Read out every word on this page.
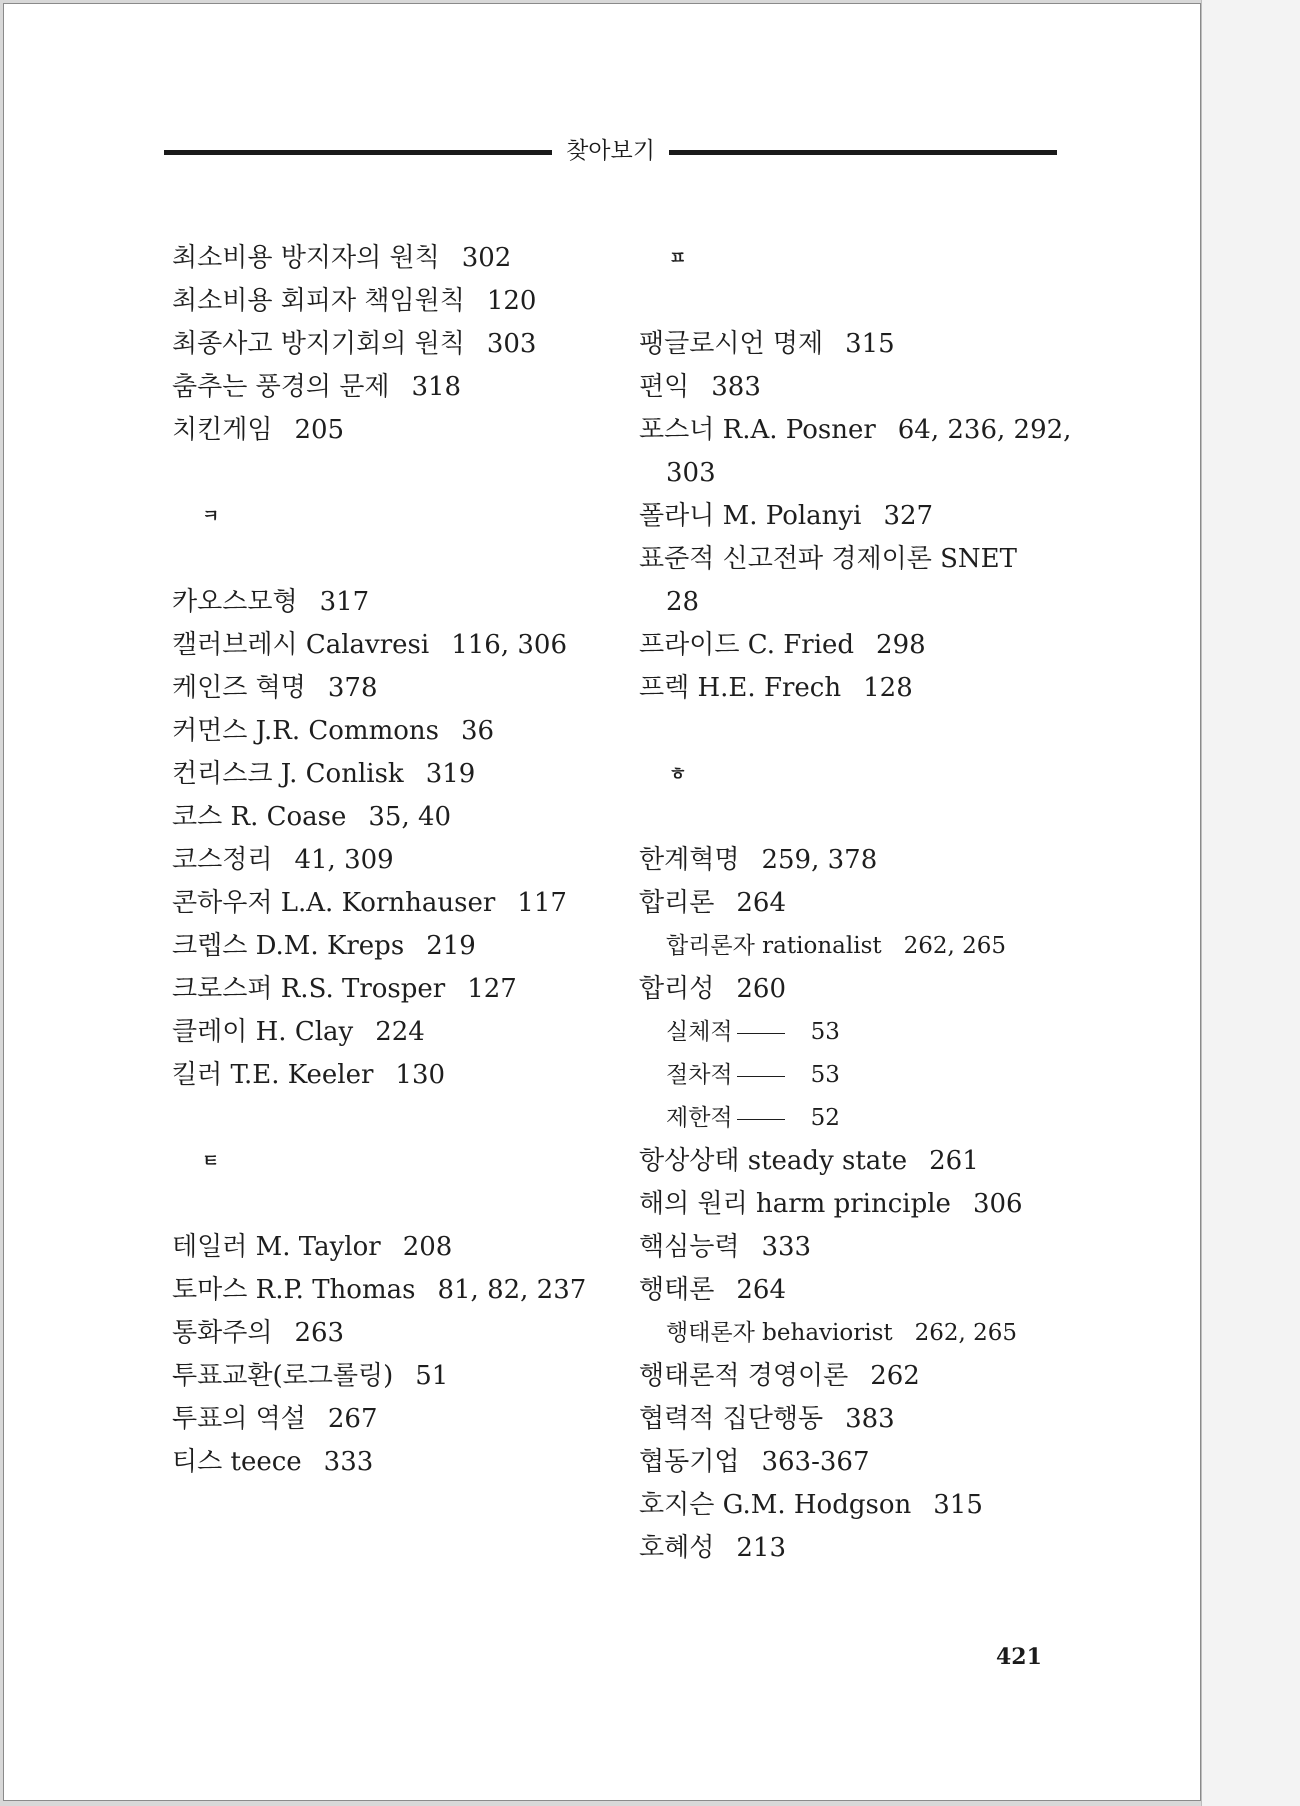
찾아보기
최소비용 방지자의 원칙 302
최소비용 회피자 책임원칙 120
최종사고 방지기회의 원칙 303
춤추는 풍경의 문제 318
치킨게임 205
ㅋ
카오스모형 317
캘러브레시 Calavresi 116, 306
케인즈 혁명 378
커먼스 J.R. Commons 36
컨리스크 J. Conlisk 319
코스 R. Coase 35, 40
코스정리 41, 309
콘하우저 L.A. Kornhauser 117
크렙스 D.M. Kreps 219
크로스퍼 R.S. Trosper 127
클레이 H. Clay 224
킬러 T.E. Keeler 130
ㅌ
테일러 M. Taylor 208
토마스 R.P. Thomas 81, 82, 237
통화주의 263
투표교환(로그롤링) 51
투표의 역설 267
티스 teece 333
ㅍ
팽글로시언 명제 315
편익 383
포스너 R.A. Posner 64, 236, 292,
303
폴라니 M. Polanyi 327
표준적 신고전파 경제이론 SNET
28
프라이드 C. Fried 298
프렉 H.E. Frech 128
ㅎ
한계혁명 259, 378
합리론 264
합리론자 rationalist 262, 265
합리성 260
실체적	53
절차적	53
제한적	52
항상상태 steady state 261
해의 원리 harm principle 306
핵심능력 333
행태론 264
행태론자 behaviorist 262, 265
행태론적 경영이론 262
협력적 집단행동 383
협동기업 363-367
호지슨 G.M. Hodgson 315
호혜성 213
421
